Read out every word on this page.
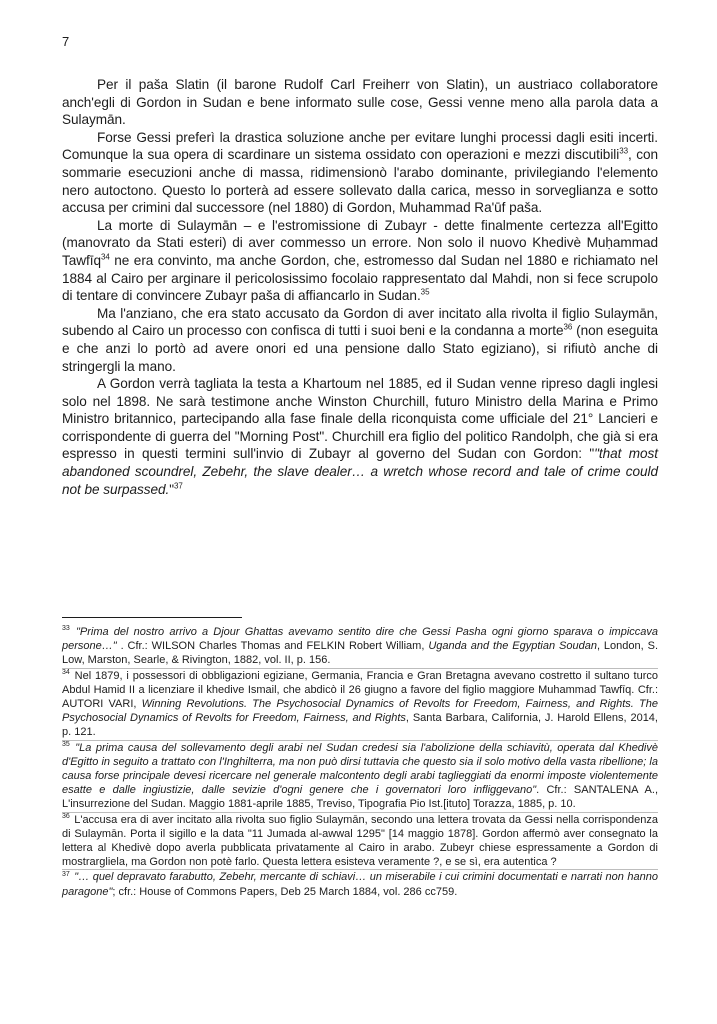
7

Per il paša Slatin (il barone Rudolf Carl Freiherr von Slatin), un austriaco collaboratore anch'egli di Gordon in Sudan e bene informato sulle cose, Gessi venne meno alla parola data a Sulaymān.

Forse Gessi preferì la drastica soluzione anche per evitare lunghi processi dagli esiti incerti. Comunque la sua opera di scardinare un sistema ossidato con operazioni e mezzi discutibili$^{33}$, con sommarie esecuzioni anche di massa, ridimensionò l'arabo dominante, privilegiando l'elemento nero autoctono. Questo lo porterà ad essere sollevato dalla carica, messo in sorveglianza e sotto accusa per crimini dal successore (nel 1880) di Gordon, Muhammad Ra'ūf paša.

La morte di Sulaymān – e l'estromissione di Zubayr - dette finalmente certezza all'Egitto (manovrato da Stati esteri) di aver commesso un errore. Non solo il nuovo Khedivè Muḥammad Tawfīq$^{34}$ ne era convinto, ma anche Gordon, che, estromesso dal Sudan nel 1880 e richiamato nel 1884 al Cairo per arginare il pericolosissimo focolaio rappresentato dal Mahdi, non si fece scrupolo di tentare di convincere Zubayr paša di affiancarlo in Sudan.$^{35}$

Ma l'anziano, che era stato accusato da Gordon di aver incitato alla rivolta il figlio Sulaymān, subendo al Cairo un processo con confisca di tutti i suoi beni e la condanna a morte$^{36}$ (non eseguita e che anzi lo portò ad avere onori ed una pensione dallo Stato egiziano), si rifiutò anche di stringergli la mano.

A Gordon verrà tagliata la testa a Khartoum nel 1885, ed il Sudan venne ripreso dagli inglesi solo nel 1898. Ne sarà testimone anche Winston Churchill, futuro Ministro della Marina e Primo Ministro britannico, partecipando alla fase finale della riconquista come ufficiale del 21° Lancieri e corrispondente di guerra del "Morning Post". Churchill era figlio del politico Randolph, che già si era espresso in questi termini sull'invio di Zubayr al governo del Sudan con Gordon: ""that most abandoned scoundrel, Zebehr, the slave dealer… a wretch whose record and tale of crime could not be surpassed."$^{37}$

$^{33}$ "Prima del nostro arrivo a Djour Ghattas avevamo sentito dire che Gessi Pasha ogni giorno sparava o impiccava persone…" . Cfr.: WILSON Charles Thomas and FELKIN Robert William, Uganda and the Egyptian Soudan, London, S. Low, Marston, Searle, & Rivington, 1882, vol. II, p. 156.

$^{34}$ Nel 1879, i possessori di obbligazioni egiziane, Germania, Francia e Gran Bretagna avevano costretto il sultano turco Abdul Hamid II a licenziare il khedive Ismail, che abdicò il 26 giugno a favore del figlio maggiore Muhammad Tawfīq. Cfr.: AUTORI VARI, Winning Revolutions. The Psychosocial Dynamics of Revolts for Freedom, Fairness, and Rights. The Psychosocial Dynamics of Revolts for Freedom, Fairness, and Rights, Santa Barbara, California, J. Harold Ellens, 2014, p. 121.

$^{35}$ "La prima causa del sollevamento degli arabi nel Sudan credesi sia l'abolizione della schiavitù, operata dal Khedivè d'Egitto in seguito a trattato con l'Inghilterra, ma non può dirsi tuttavia che questo sia il solo motivo della vasta ribellione; la causa forse principale devesi ricercare nel generale malcontento degli arabi taglieggiati da enormi imposte violentemente esatte e dalle ingiustizie, dalle sevizie d'ogni genere che i governatori loro infliggevano". Cfr.: SANTALENA A., L'insurrezione del Sudan. Maggio 1881-aprile 1885, Treviso, Tipografia Pio Ist.[ituto] Torazza, 1885, p. 10.

$^{36}$ L'accusa era di aver incitato alla rivolta suo figlio Sulaymān, secondo una lettera trovata da Gessi nella corrispondenza di Sulaymān. Porta il sigillo e la data "11 Jumada al-awwal 1295" [14 maggio 1878]. Gordon affermò aver consegnato la lettera al Khedivè dopo averla pubblicata privatamente al Cairo in arabo. Zubeyr chiese espressamente a Gordon di mostrargliela, ma Gordon non potè farlo. Questa lettera esisteva veramente ?, e se sì, era autentica ?

$^{37}$ "… quel depravato farabutto, Zebehr, mercante di schiavi… un miserabile i cui crimini documentati e narrati non hanno paragone"; cfr.: House of Commons Papers, Deb 25 March 1884, vol. 286 cc759.
